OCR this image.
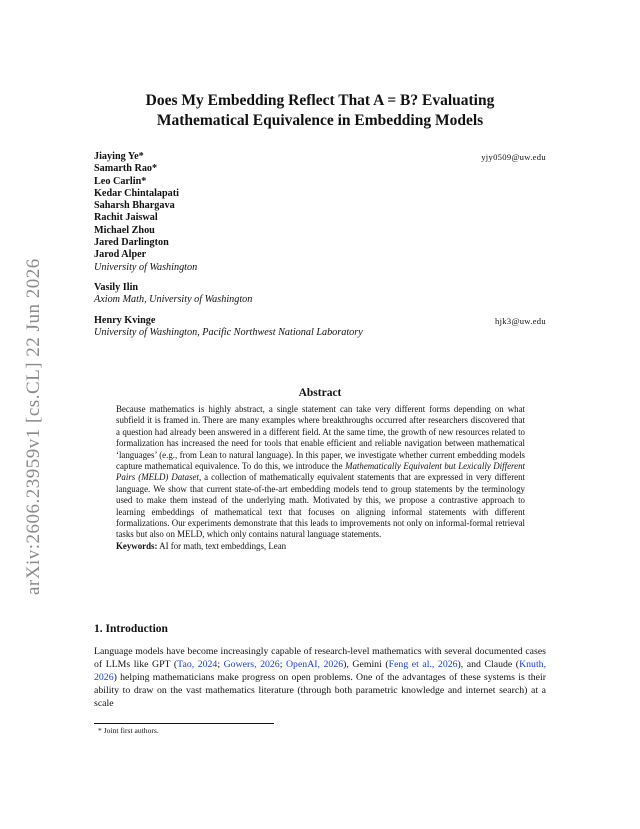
arXiv:2606.23959v1 [cs.CL] 22 Jun 2026
Does My Embedding Reflect That A = B? Evaluating
Mathematical Equivalence in Embedding Models
yjy0509@uw.edu
Jiaying Ye*
Samarth Rao*
Leo Carlin*
Kedar Chintalapati
Saharsh Bhargava
Rachit Jaiswal
Michael Zhou
Jared Darlington
Jarod Alper
University of Washington
Vasily Ilin
Axiom Math, University of Washington
hjk3@uw.edu
Henry Kvinge
University of Washington, Pacific Northwest National Laboratory
Abstract
Because mathematics is highly abstract, a single statement can take very different forms depending on what subfield it is framed in. There are many examples where breakthroughs occurred after researchers discovered that a question had already been answered in a different field. At the same time, the growth of new resources related to formalization has increased the need for tools that enable efficient and reliable navigation between mathematical ‘languages’ (e.g., from Lean to natural language). In this paper, we investigate whether current embedding models capture mathematical equivalence. To do this, we introduce the Mathematically Equivalent but Lexically Different Pairs (MELD) Dataset, a collection of mathematically equivalent statements that are expressed in very different language. We show that current state-of-the-art embedding models tend to group statements by the terminology used to make them instead of the underlying math. Motivated by this, we propose a contrastive approach to learning embeddings of mathematical text that focuses on aligning informal statements with different formalizations. Our experiments demonstrate that this leads to improvements not only on informal-formal retrieval tasks but also on MELD, which only contains natural language statements.
Keywords: AI for math, text embeddings, Lean
1. Introduction
Language models have become increasingly capable of research-level mathematics with several documented cases of LLMs like GPT (Tao, 2024; Gowers, 2026; OpenAI, 2026), Gemini (Feng et al., 2026), and Claude (Knuth, 2026) helping mathematicians make progress on open problems. One of the advantages of these systems is their ability to draw on the vast mathematics literature (through both parametric knowledge and internet search) at a scale
* Joint first authors.
